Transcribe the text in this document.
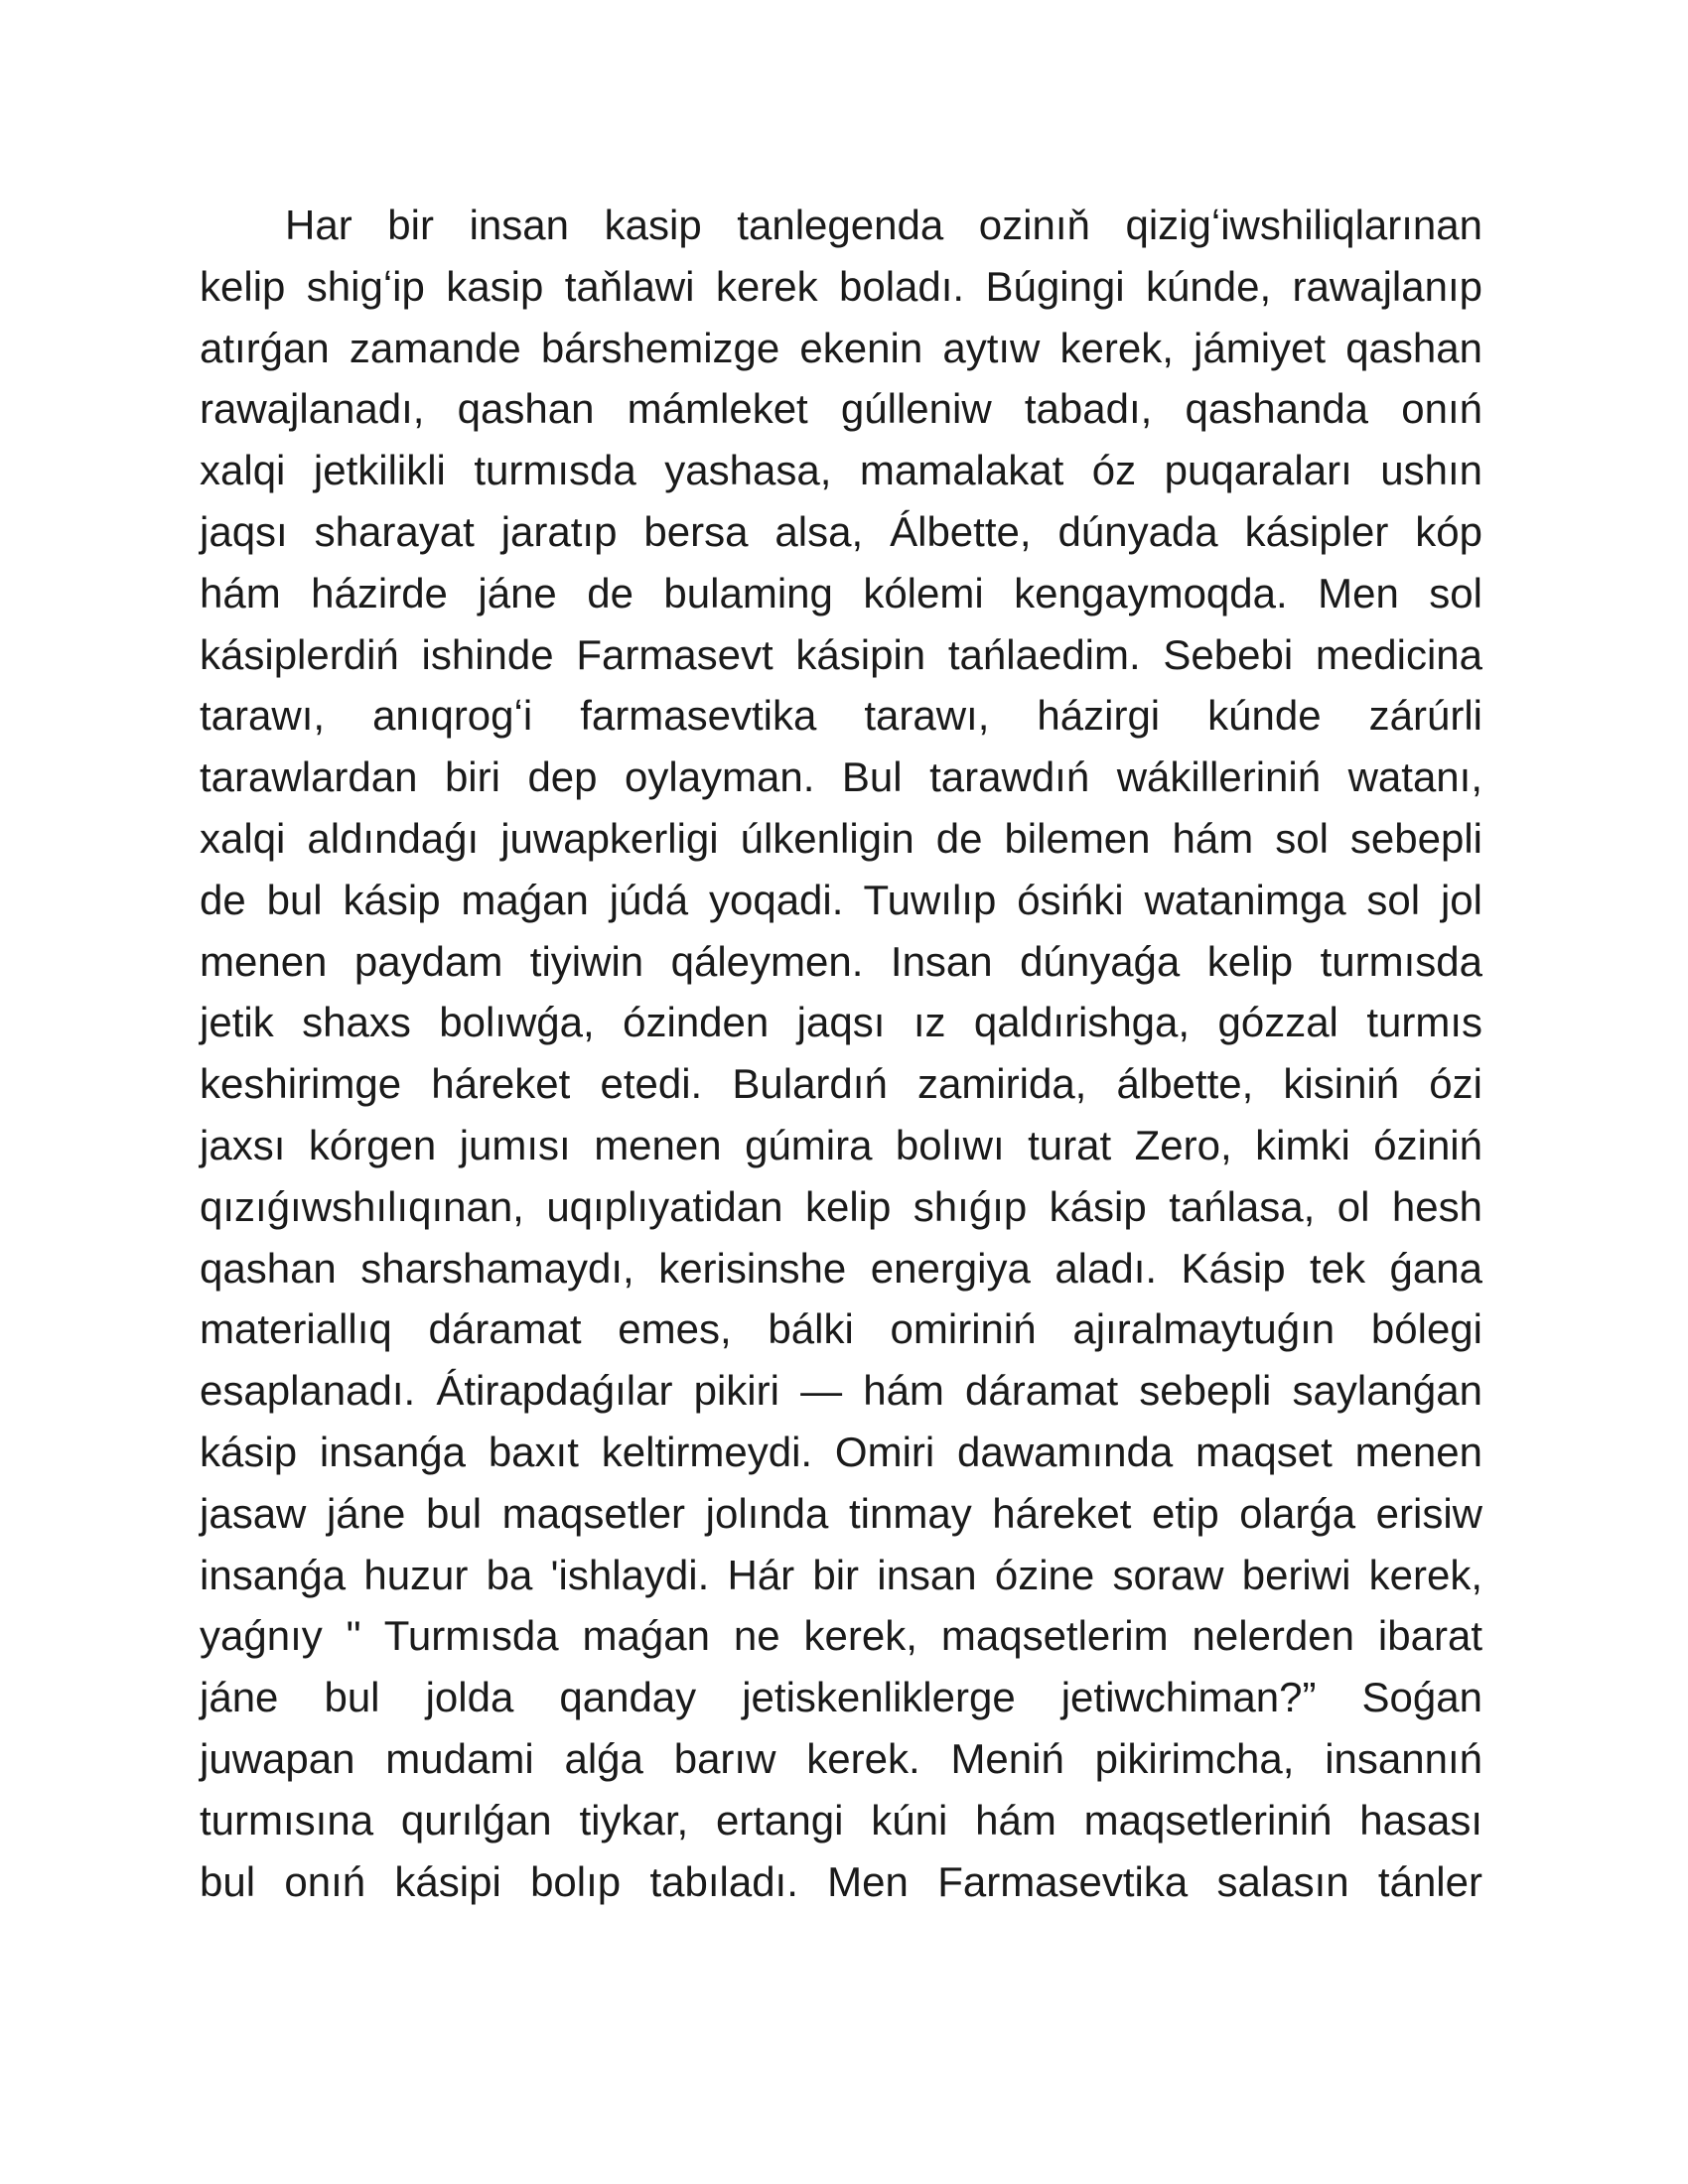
Har bir insan kasip tanlegenda ozinıň qizigʻiwshiliqlarınan
kelip shigʻip kasip taňlawi kerek boladı. Búgingi kúnde, rawajlanıp
atırǵan zamande bárshemizge ekenin aytıw kerek, jámiyet qashan
rawajlanadı, qashan mámleket gúlleniw tabadı, qashanda onıń
xalqi jetkilikli turmısda yashasa, mamalakat óz puqaraları ushın
jaqsı sharayat jaratıp bersa alsa, Álbette, dúnyada kásipler kóp
hám házirde jáne de bulaming kólemi kengaymoqda. Men sol
kásiplerdiń ishinde Farmasevt kásipin tańlaedim. Sebebi medicina
tarawı, anıqrogʻi farmasevtika tarawı, házirgi kúnde zárúrli
tarawlardan biri dep oylayman. Bul tarawdıń wákilleriniń watanı,
xalqi aldındaǵı juwapkerligi úlkenligin de bilemen hám sol sebepli
de bul kásip maǵan júdá yoqadi. Tuwılıp ósińki watanimga sol jol
menen paydam tiyiwin qáleymen. Insan dúnyaǵa kelip turmısda
jetik shaxs bolıwǵa, ózinden jaqsı ız qaldırishga, gózzal turmıs
keshirimge háreket etedi. Bulardıń zamirida, álbette, kisiniń ózi
jaxsı kórgen jumısı menen gúmira bolıwı turat Zero, kimki óziniń
qızıǵıwshılıqınan, uqıplıyatidan kelip shıǵıp kásip tańlasa, ol hesh
qashan sharshamaydı, kerisinshe energiya aladı. Kásip tek ǵana
materiallıq dáramat emes, bálki omiriniń ajıralmaytuǵın bólegi
esaplanadı. Átirapdaǵılar pikiri — hám dáramat sebepli saylanǵan
kásip insanǵa baxıt keltirmeydi. Omiri dawamında maqset menen
jasaw jáne bul maqsetler jolında tinmay háreket etip olarǵa erisiw
insanǵa huzur ba 'ishlaydi. Hár bir insan ózine soraw beriwi kerek,
yaǵnıy " Turmısda maǵan ne kerek, maqsetlerim nelerden ibarat
jáne bul jolda qanday jetiskenliklerge jetiwchiman?” Soǵan
juwapan mudami alǵa barıw kerek. Meniń pikirimcha, insannıń
turmısına qurılǵan tiykar, ertangi kúni hám maqsetleriniń hasası
bul onıń kásipi bolıp tabıladı. Men Farmasevtika salasın tánler
